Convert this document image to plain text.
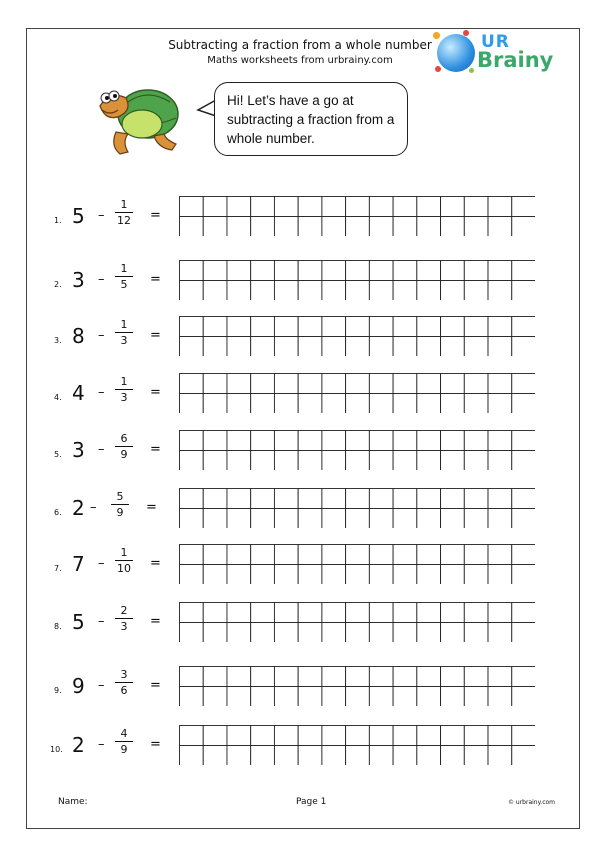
Subtracting a fraction from a whole number
Maths worksheets from urbrainy.com
UR
Brainy
Hi! Let’s have a go at subtracting a fraction from a whole number.
1. 5 –
1
12	=
2. 3 –
1
5	=
3. 8 –
1
3	=
4. 4 –
1
3	=
5. 3 –
6
9	=
6. 2 –
5
9	=
7. 7 –
1
10	=
8. 5 –
2
3	=
9. 9 –
3
6	=
10. 2 –
4
9	=
Name:	Page 1	© urbrainy.com
